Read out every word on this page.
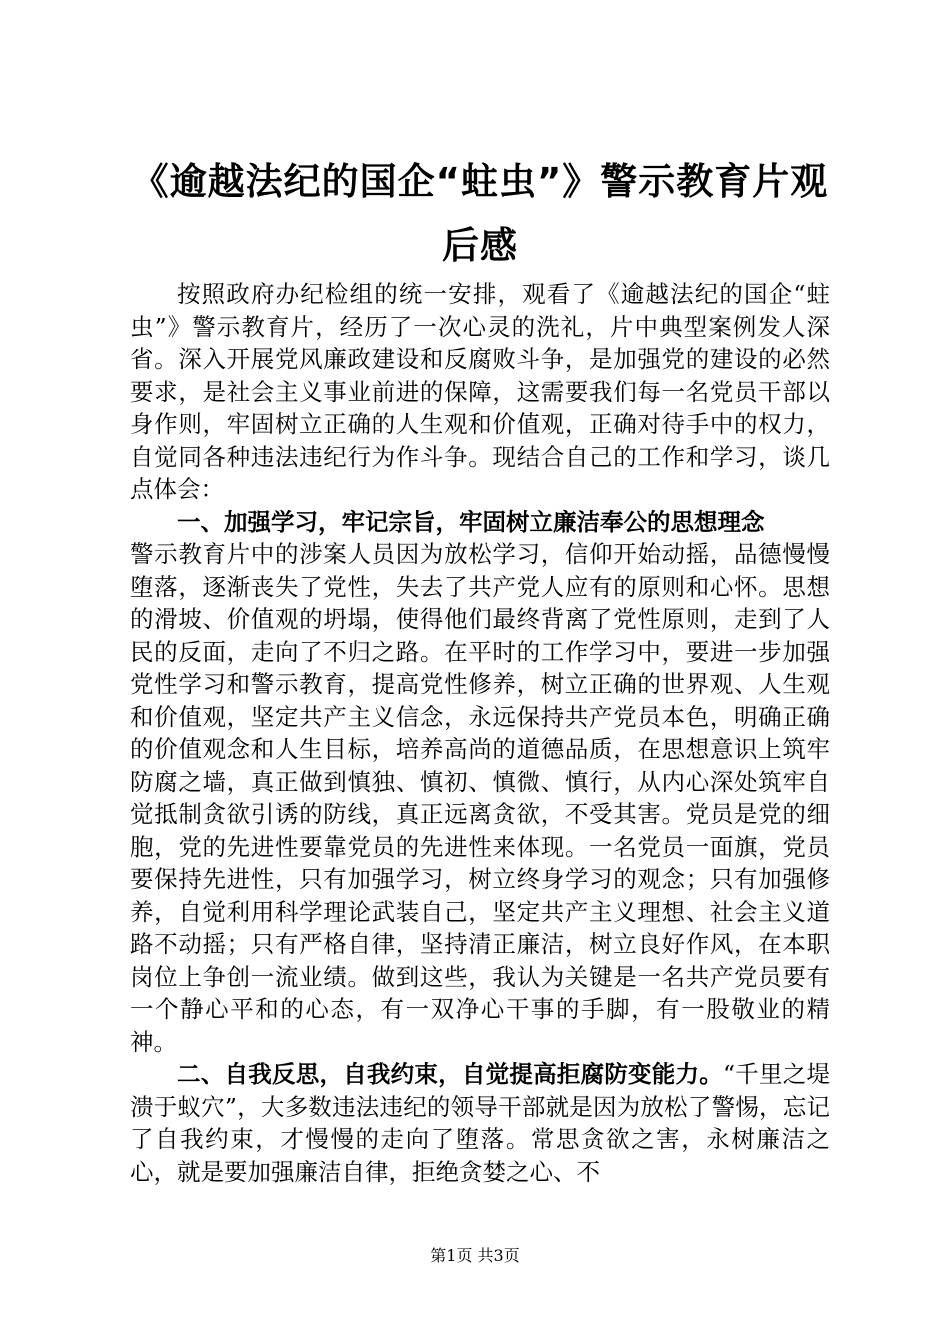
《逾越法纪的国企“蛀虫”》警示教育片观后感

按照政府办纪检组的统一安排，观看了《逾越法纪的国企“蛀虫”》警示教育片，经历了一次心灵的洗礼，片中典型案例发人深省。深入开展党风廉政建设和反腐败斗争，是加强党的建设的必然要求，是社会主义事业前进的保障，这需要我们每一名党员干部以身作则，牢固树立正确的人生观和价值观，正确对待手中的权力，自觉同各种违法违纪行为作斗争。现结合自己的工作和学习，谈几点体会：

一、加强学习，牢记宗旨，牢固树立廉洁奉公的思想理念

警示教育片中的涉案人员因为放松学习，信仰开始动摇，品德慢慢堕落，逐渐丧失了党性，失去了共产党人应有的原则和心怀。思想的滑坡、价值观的坍塌，使得他们最终背离了党性原则，走到了人民的反面，走向了不归之路。在平时的工作学习中，要进一步加强党性学习和警示教育，提高党性修养，树立正确的世界观、人生观和价值观，坚定共产主义信念，永远保持共产党员本色，明确正确的价值观念和人生目标，培养高尚的道德品质，在思想意识上筑牢防腐之墙，真正做到慎独、慎初、慎微、慎行，从内心深处筑牢自觉抵制贪欲引诱的防线，真正远离贪欲，不受其害。党员是党的细胞，党的先进性要靠党员的先进性来体现。一名党员一面旗，党员要保持先进性，只有加强学习，树立终身学习的观念；只有加强修养，自觉利用科学理论武装自己，坚定共产主义理想、社会主义道路不动摇；只有严格自律，坚持清正廉洁，树立良好作风，在本职岗位上争创一流业绩。做到这些，我认为关键是一名共产党员要有一个静心平和的心态，有一双净心干事的手脚，有一股敬业的精神。

二、自我反思，自我约束，自觉提高拒腐防变能力。“千里之堤溃于蚁穴”，大多数违法违纪的领导干部就是因为放松了警惕，忘记了自我约束，才慢慢的走向了堕落。常思贪欲之害，永树廉洁之心，就是要加强廉洁自律，拒绝贪婪之心、不

第1页 共3页
